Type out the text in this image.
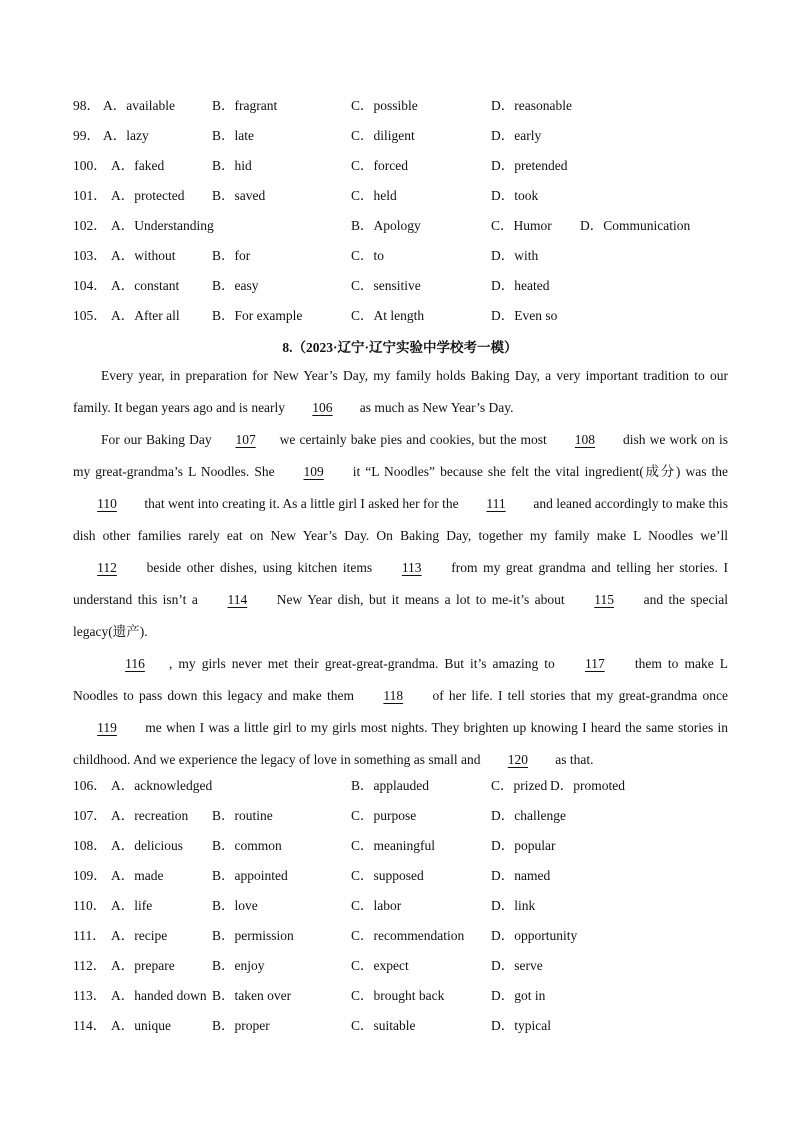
98． A．available	B．fragrant	C．possible	D．reasonable
99． A．lazy	B．late	C．diligent	D．early
100． A．faked	B．hid	C．forced	D．pretended
101． A．protected B．saved	C．held	D．took
102． A．Understanding	B．Apology	C．Humor D．Communication
103． A．without	B．for	C．to	D．with
104． A．constant B．easy	C．sensitive	D．heated
105． A．After all B．For example	C．At length	D．Even so
8.（2023·辽宁·辽宁实验中学校考一模）

Every year, in preparation for New Year’s Day, my family holds Baking Day, a very important tradition to our family. It began years ago and is nearly 106 as much as New Year’s Day.

For our Baking Day 107 we certainly bake pies and cookies, but the most 108 dish we work on is my great-grandma’s L Noodles. She 109 it “L Noodles” because she felt the vital ingredient(成分) was the 110 that went into creating it. As a little girl I asked her for the 111 and leaned accordingly to make this dish other families rarely eat on New Year’s Day. On Baking Day, together my family make L Noodles we’ll 112 beside other dishes, using kitchen items 113 from my great grandma and telling her stories. I understand this isn’t a 114 New Year dish, but it means a lot to me-it’s about 115 and the special legacy(遗产).

116 , my girls never met their great-great-grandma. But it’s amazing to 117 them to make L Noodles to pass down this legacy and make them 118 of her life. I tell stories that my great-grandma once 119 me when I was a little girl to my girls most nights. They brighten up knowing I heard the same stories in childhood. And we experience the legacy of love in something as small and 120 as that.

106． A．acknowledged	B．applauded	C．prized D．promoted
107． A．recreation B．routine	C．purpose	D．challenge
108． A．delicious B．common	C．meaningful	D．popular
109． A．made	B．appointed	C．supposed	D．named
110． A．life	B．love	C．labor	D．link
111． A．recipe	B．permission	C．recommendation D．opportunity
112． A．prepare	B．enjoy	C．expect	D．serve
113． A．handed down B．taken over	C．brought back	D．got in
114． A．unique	B．proper	C．suitable	D．typical
